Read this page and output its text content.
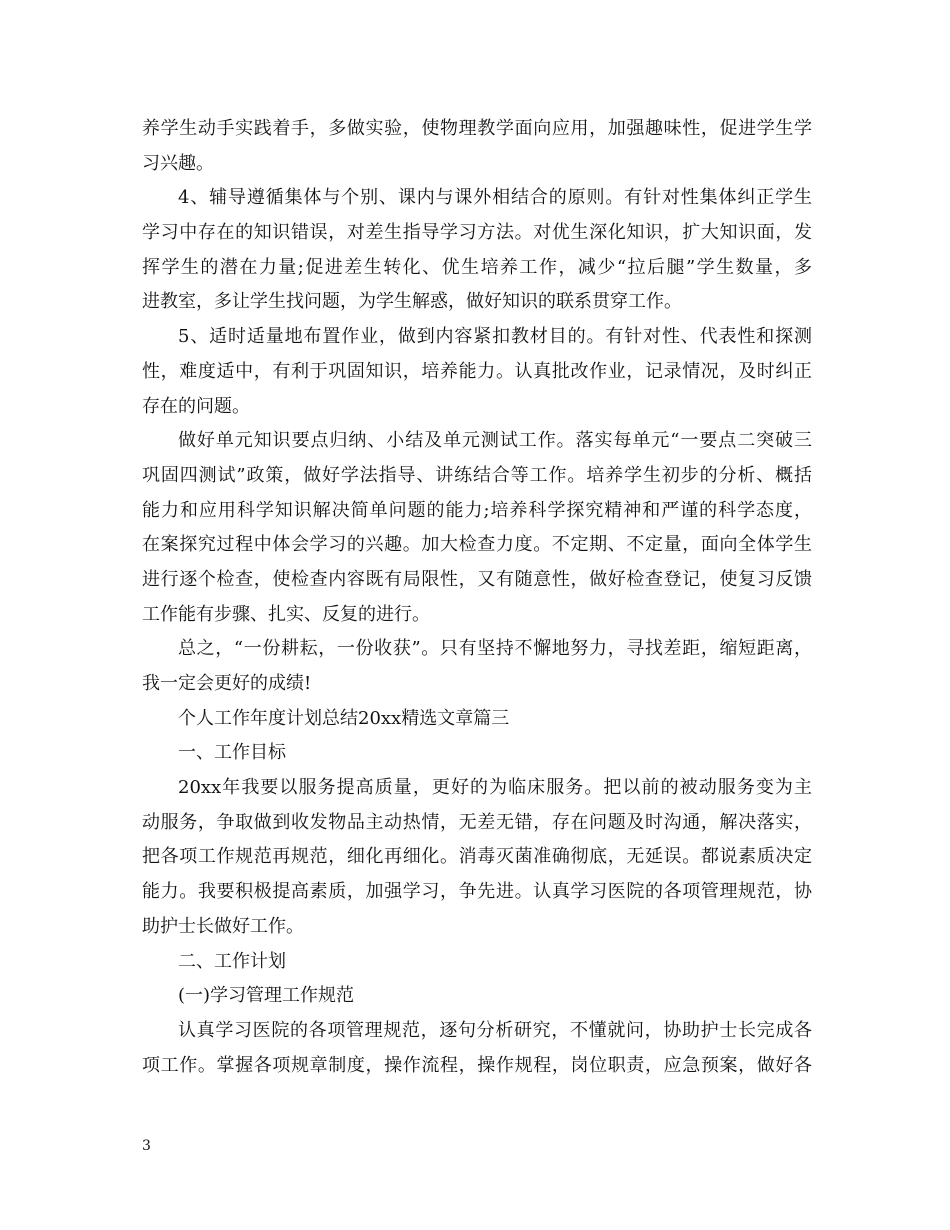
养学生动手实践着手，多做实验，使物理教学面向应用，加强趣味性，促进学生学
习兴趣。
4、辅导遵循集体与个别、课内与课外相结合的原则。有针对性集体纠正学生
学习中存在的知识错误，对差生指导学习方法。对优生深化知识，扩大知识面，发
挥学生的潜在力量;促进差生转化、优生培养工作，减少“拉后腿”学生数量，多
进教室，多让学生找问题，为学生解惑，做好知识的联系贯穿工作。
5、适时适量地布置作业，做到内容紧扣教材目的。有针对性、代表性和探测
性，难度适中，有利于巩固知识，培养能力。认真批改作业，记录情况，及时纠正
存在的问题。
做好单元知识要点归纳、小结及单元测试工作。落实每单元“一要点二突破三
巩固四测试”政策，做好学法指导、讲练结合等工作。培养学生初步的分析、概括
能力和应用科学知识解决简单问题的能力;培养科学探究精神和严谨的科学态度，
在案探究过程中体会学习的兴趣。加大检查力度。不定期、不定量，面向全体学生
进行逐个检查，使检查内容既有局限性，又有随意性，做好检查登记，使复习反馈
工作能有步骤、扎实、反复的进行。
总之，“一份耕耘，一份收获”。只有坚持不懈地努力，寻找差距，缩短距离，
我一定会更好的成绩!
个人工作年度计划总结20xx精选文章篇三
一、工作目标
20xx年我要以服务提高质量，更好的为临床服务。把以前的被动服务变为主
动服务，争取做到收发物品主动热情，无差无错，存在问题及时沟通，解决落实，
把各项工作规范再规范，细化再细化。消毒灭菌准确彻底，无延误。都说素质决定
能力。我要积极提高素质，加强学习，争先进。认真学习医院的各项管理规范，协
助护士长做好工作。
二、工作计划
(一)学习管理工作规范
认真学习医院的各项管理规范，逐句分析研究，不懂就问，协助护士长完成各
项工作。掌握各项规章制度，操作流程，操作规程，岗位职责，应急预案，做好各
3
